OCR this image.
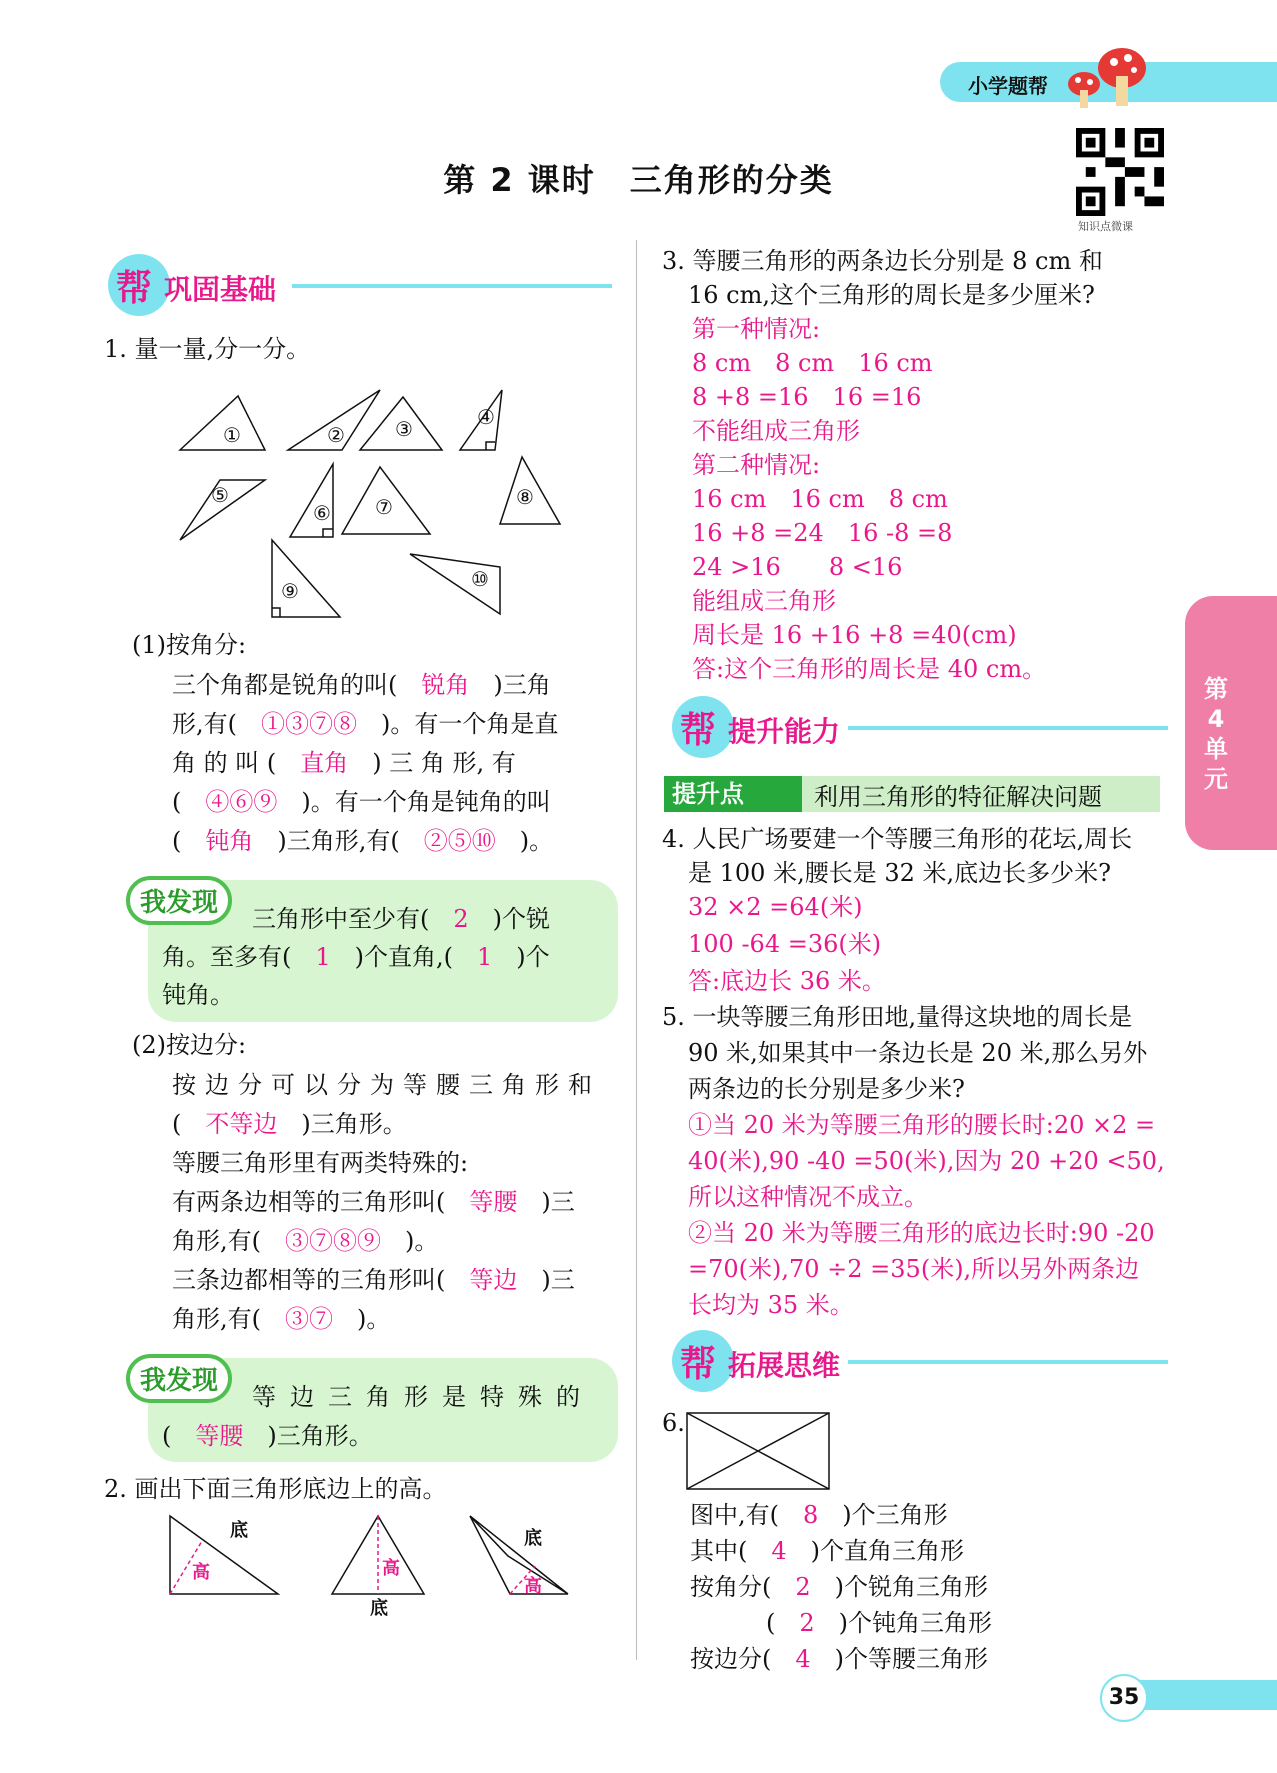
小学题帮
第 2 课时　三角形的分类
知识点微课
帮 巩固基础
1. 量一量,分一分。
①	②	③	④
⑤
⑥ ⑦	⑧
⑨	⑩
(1)按角分:
三个角都是锐角的叫(　 锐角　 )三角
形,有(　 ①③⑦⑧　 )。有一个角是直
角 的 叫 (　 直角　 ) 三 角 形, 有
(　 ④⑥⑨　 )。有一个角是钝角的叫
(　 钝角　 )三角形,有(　 ②⑤⑩　 )。
我发现
三角形中至少有(　 2　 )个锐
角。至多有(　 1　 )个直角,(　 1　 )个
钝角。
(2)按边分:
按边分可以分为等腰三角形和
(　 不等边　 )三角形。
等腰三角形里有两类特殊的:
有两条边相等的三角形叫(　 等腰　 )三
角形,有(　 ③⑦⑧⑨　 )。
三条边都相等的三角形叫(　 等边　 )三
角形,有(　 ③⑦　 )。
我发现
等边三角形是特殊的
(　 等腰　 )三角形。
2. 画出下面三角形底边上的高。
底
底
底
高	高
高
3. 等腰三角形的两条边长分别是 8 cm 和
16 cm,这个三角形的周长是多少厘米?
第一种情况:
8 cm　8 cm　16 cm
8 +8 =16　16 =16
不能组成三角形
第二种情况:
16 cm　16 cm　8 cm
16 +8 =24　16 -8 =8
24 >16　　8 <16
能组成三角形
周长是 16 +16 +8 =40(cm)
答:这个三角形的周长是 40 cm。
帮 提升能力
提升点	利用三角形的特征解决问题
4. 人民广场要建一个等腰三角形的花坛,周长
是 100 米,腰长是 32 米,底边长多少米?
32 ×2 =64(米)
100 -64 =36(米)
答:底边长 36 米。
5. 一块等腰三角形田地,量得这块地的周长是
90 米,如果其中一条边长是 20 米,那么另外
两条边的长分别是多少米?
①当 20 米为等腰三角形的腰长时:20 ×2 =
40(米),90 -40 =50(米),因为 20 +20 <50,
所以这种情况不成立。
②当 20 米为等腰三角形的底边长时:90 -20
=70(米),70 ÷2 =35(米),所以另外两条边
长均为 35 米。
帮 拓展思维
6.
图中,有(　 8　 )个三角形
其中(　 4　 )个直角三角形
按角分(　 2　 )个锐角三角形
(　 2　 )个钝角三角形
按边分(　 4　 )个等腰三角形
第4单元
35
